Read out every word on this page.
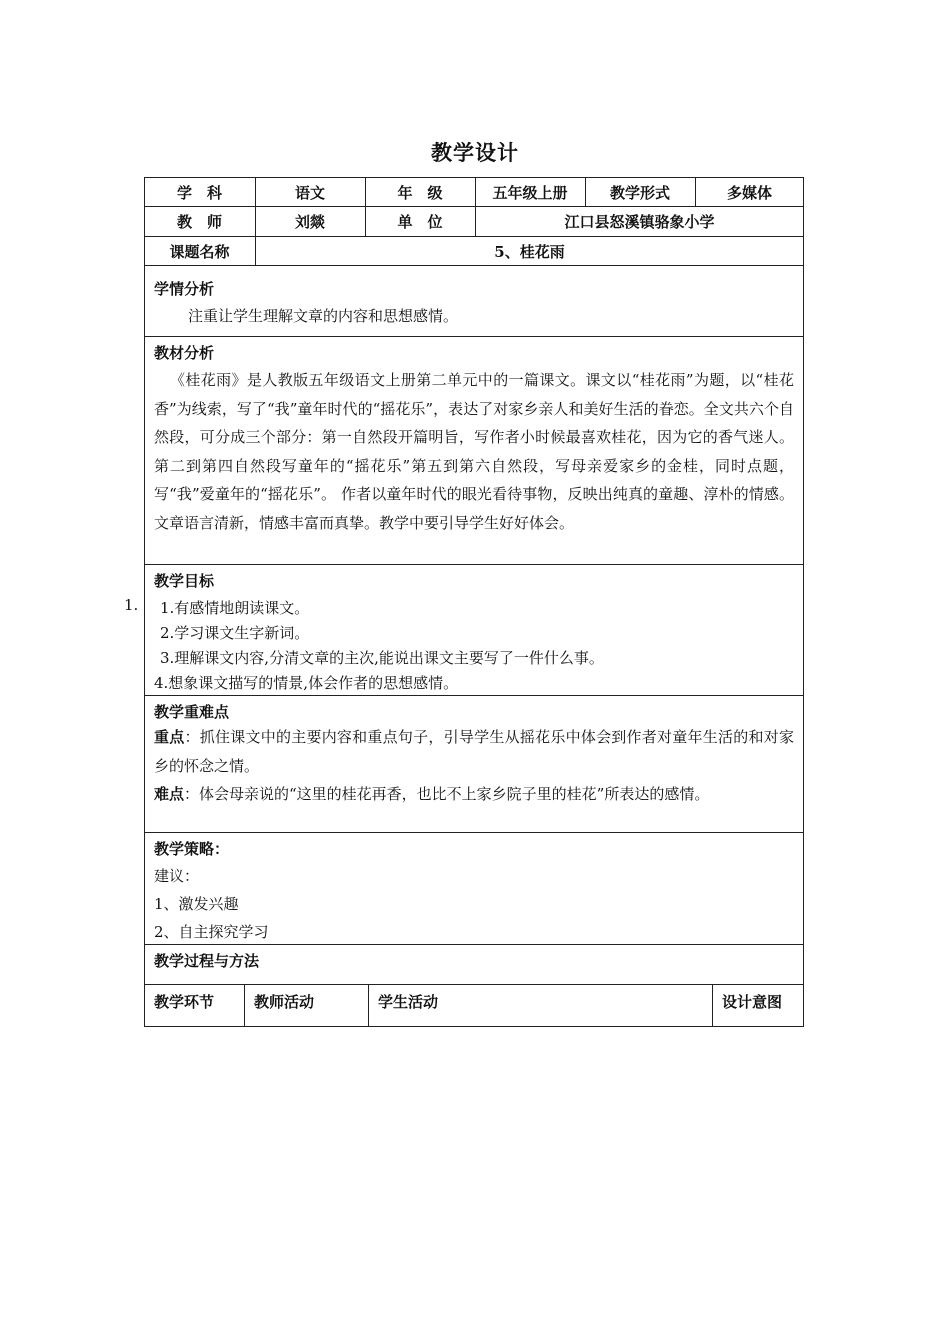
教学设计
学　科	语文	年　级	五年级上册	教学形式	多媒体
教　师	刘燚	单　位	江口县怒溪镇骆象小学
课题名称	5、桂花雨
学情分析
注重让学生理解文章的内容和思想感情。
教材分析
《桂花雨》是人教版五年级语文上册第二单元中的一篇课文。课文以“桂花雨”为题，以“桂花香”为线索，写了“我”童年时代的“摇花乐”，表达了对家乡亲人和美好生活的眷恋。全文共六个自然段，可分成三个部分：第一自然段开篇明旨，写作者小时候最喜欢桂花，因为它的香气迷人。第二到第四自然段写童年的“摇花乐”第五到第六自然段，写母亲爱家乡的金桂，同时点题，写“我”爱童年的“摇花乐”。 作者以童年时代的眼光看待事物，反映出纯真的童趣、淳朴的情感。文章语言清新，情感丰富而真挚。教学中要引导学生好好体会。
教学目标
1. 1.有感情地朗读课文。
2.学习课文生字新词。
3.理解课文内容,分清文章的主次,能说出课文主要写了一件什么事。
4.想象课文描写的情景,体会作者的思想感情。
教学重难点
重点：抓住课文中的主要内容和重点句子，引导学生从摇花乐中体会到作者对童年生活的和对家乡的怀念之情。
难点：体会母亲说的“这里的桂花再香，也比不上家乡院子里的桂花”所表达的感情。
教学策略：
建议：
1、激发兴趣
2、自主探究学习
教学过程与方法
教学环节	教师活动	学生活动	设计意图
